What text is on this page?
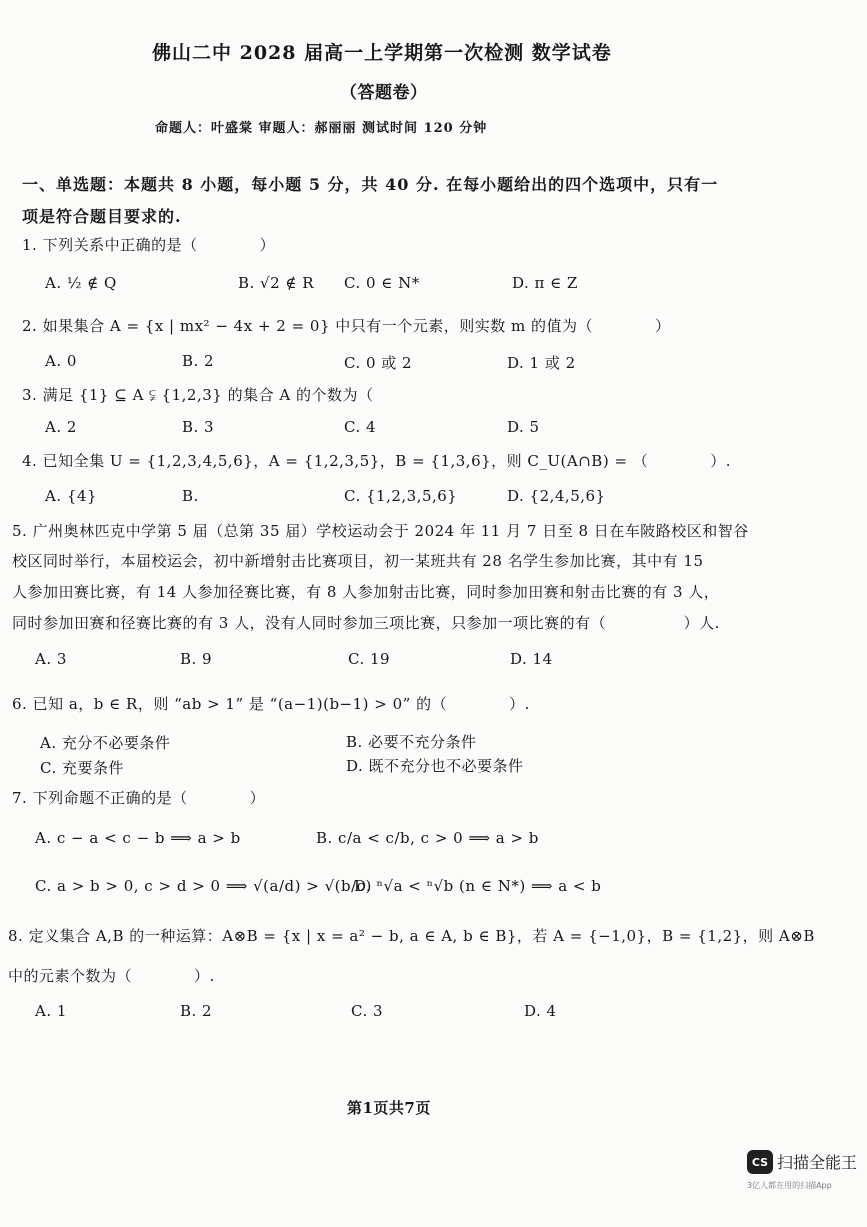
佛山二中 2028 届高一上学期第一次检测 数学试卷
（答题卷）
命题人：叶盛棠 审题人：郝丽丽 测试时间 120 分钟
一、单选题：本题共 8 小题，每小题 5 分，共 40 分. 在每小题给出的四个选项中，只有一
项是符合题目要求的.
1. 下列关系中正确的是（　　　　）
A. ½ ∉ Q	B. √2 ∉ R C. 0 ∈ N*	D. π ∈ Z
2. 如果集合 A = {x | mx² − 4x + 2 = 0} 中只有一个元素，则实数 m 的值为（　　　　）
A. 0	B. 2	C. 0 或 2	D. 1 或 2
3. 满足 {1} ⊆ A ⫋ {1,2,3} 的集合 A 的个数为（
A. 2	B. 3	C. 4	D. 5
4. 已知全集 U = {1,2,3,4,5,6}，A = {1,2,3,5}，B = {1,3,6}，则 C_U(A∩B) = （　　　　）.
A. {4}	B.	C. {1,2,3,5,6}	D. {2,4,5,6}
5. 广州奥林匹克中学第 5 届（总第 35 届）学校运动会于 2024 年 11 月 7 日至 8 日在车陂路校区和智谷
校区同时举行，本届校运会，初中新增射击比赛项目，初一某班共有 28 名学生参加比赛，其中有 15
人参加田赛比赛，有 14 人参加径赛比赛，有 8 人参加射击比赛，同时参加田赛和射击比赛的有 3 人，
同时参加田赛和径赛比赛的有 3 人，没有人同时参加三项比赛，只参加一项比赛的有（　　　　　）人.
A. 3	B. 9	C. 19	D. 14
6. 已知 a，b ∈ R，则 “ab > 1” 是 “(a−1)(b−1) > 0” 的（　　　　）.
A. 充分不必要条件	B. 必要不充分条件
C. 充要条件	D. 既不充分也不必要条件
7. 下列命题不正确的是（　　　　）
A. c − a < c − b ⟹ a > b	B. c/a < c/b, c > 0 ⟹ a > b
C. a > b > 0, c > d > 0 ⟹ √(a/d) > √(b/c)
D. ⁿ√a < ⁿ√b (n ∈ N*) ⟹ a < b
8. 定义集合 A,B 的一种运算：A⊗B = {x | x = a² − b, a ∈ A, b ∈ B}，若 A = {−1,0}，B = {1,2}，则 A⊗B
中的元素个数为（　　　　）.
A. 1	B. 2	C. 3	D. 4
第1页共7页
CS 扫描全能王
3亿人都在用的扫描App
